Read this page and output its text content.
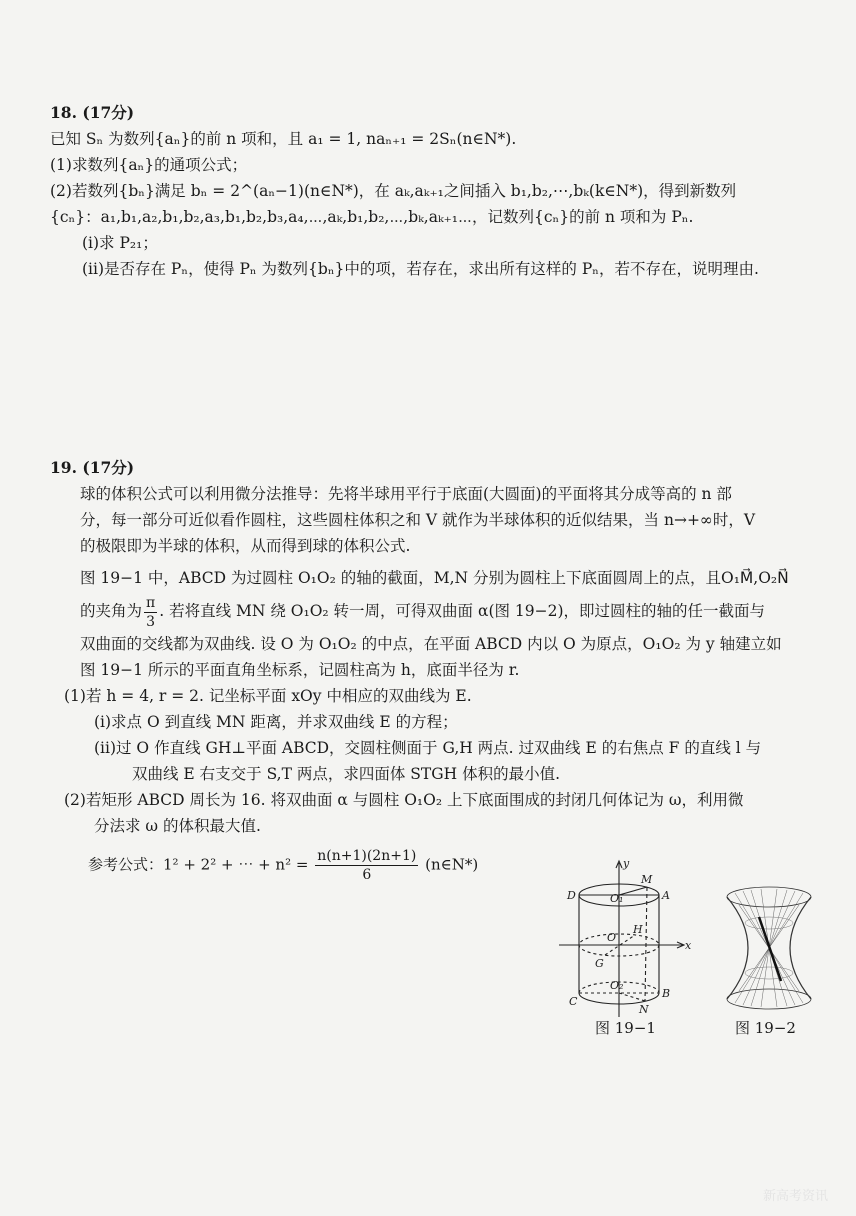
18. (17分)
已知 Sₙ 为数列{aₙ}的前 n 项和，且 a₁ = 1, naₙ₊₁ = 2Sₙ(n∈N*).
(1)求数列{aₙ}的通项公式；
(2)若数列{bₙ}满足 bₙ = 2^(aₙ−1)(n∈N*)，在 aₖ,aₖ₊₁之间插入 b₁,b₂,⋯,bₖ(k∈N*)，得到新数列
{cₙ}：a₁,b₁,a₂,b₁,b₂,a₃,b₁,b₂,b₃,a₄,⋯,aₖ,b₁,b₂,⋯,bₖ,aₖ₊₁⋯，记数列{cₙ}的前 n 项和为 Pₙ.
(i)求 P₂₁；
(ii)是否存在 Pₙ，使得 Pₙ 为数列{bₙ}中的项，若存在，求出所有这样的 Pₙ，若不存在，说明理由.
19. (17分)
球的体积公式可以利用微分法推导：先将半球用平行于底面(大圆面)的平面将其分成等高的 n 部
分，每一部分可近似看作圆柱，这些圆柱体积之和 V 就作为半球体积的近似结果，当 n→+∞时，V
的极限即为半球的体积，从而得到球的体积公式.
图 19−1 中，ABCD 为过圆柱 O₁O₂ 的轴的截面，M,N 分别为圆柱上下底面圆周上的点，且O₁M⃗,O₂N⃗
的夹角为 $\frac{\pi}{3}$ . 若将直线 MN 绕 O₁O₂ 转一周，可得双曲面 α(图 19−2)，即过圆柱的轴的任一截面与
双曲面的交线都为双曲线. 设 O 为 O₁O₂ 的中点，在平面 ABCD 内以 O 为原点，O₁O₂ 为 y 轴建立如
图 19−1 所示的平面直角坐标系，记圆柱高为 h，底面半径为 r.
(1)若 h = 4, r = 2. 记坐标平面 xOy 中相应的双曲线为 E.
(i)求点 O 到直线 MN 距离，并求双曲线 E 的方程；
(ii)过 O 作直线 GH⊥平面 ABCD，交圆柱侧面于 G,H 两点. 过双曲线 E 的右焦点 F 的直线 l 与
双曲线 E 右支交于 S,T 两点，求四面体 STGH 体积的最小值.
(2)若矩形 ABCD 周长为 16. 将双曲面 α 与圆柱 O₁O₂ 上下底面围成的封闭几何体记为 ω，利用微
分法求 ω 的体积最大值.
参考公式：1² + 2² + ⋯ + $n^2 = \frac{n(n+1)(2n+1)}{6}$ (n∈N*)	y
x
M
A
D	O₁
O
H
G
O₂
C
B
N
图 19−1	图 19−2
新高考资讯
